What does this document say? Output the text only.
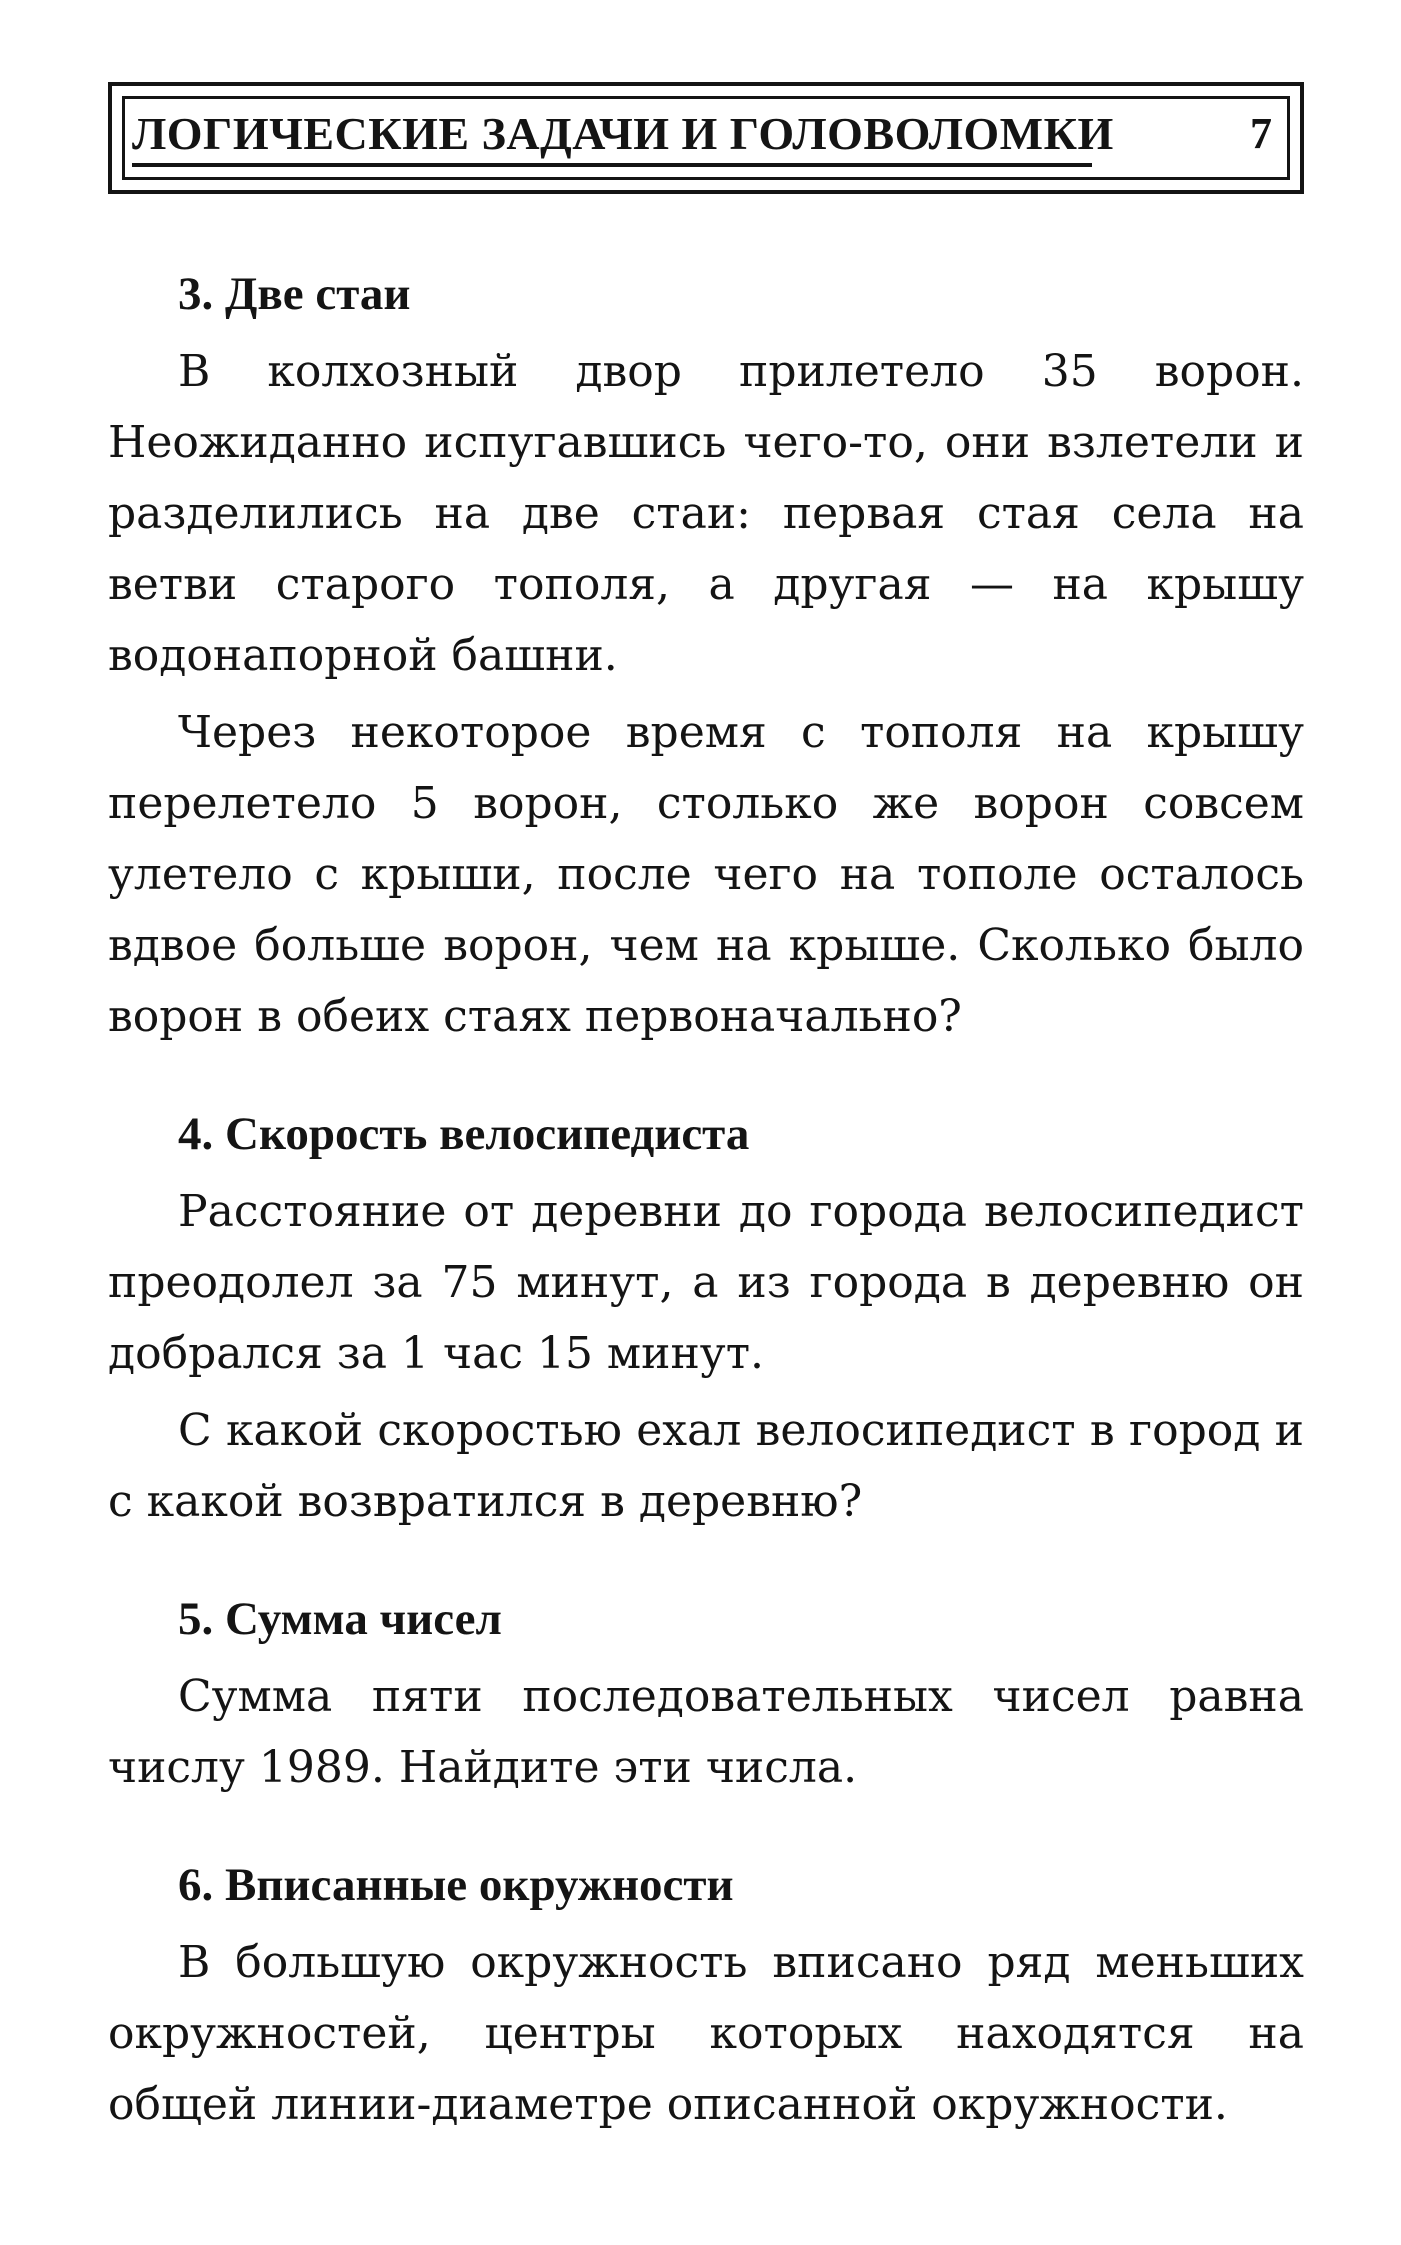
ЛОГИЧЕСКИЕ ЗАДАЧИ И ГОЛОВОЛОМКИ	7
3. Две стаи

В колхозный двор прилетело 35 ворон. Неожиданно испугавшись чего-то, они взлетели и разделились на две стаи: первая стая села на ветви старого тополя, а другая — на крышу водонапорной башни.

Через некоторое время с тополя на крышу перелетело 5 ворон, столько же ворон совсем улетело с крыши, после чего на тополе осталось вдвое больше ворон, чем на крыше. Сколько было ворон в обеих стаях первоначально?

4. Скорость велосипедиста

Расстояние от деревни до города велосипедист преодолел за 75 минут, а из города в деревню он добрался за 1 час 15 минут.

С какой скоростью ехал велосипедист в город и с какой возвратился в деревню?

5. Сумма чисел

Сумма пяти последовательных чисел равна числу 1989. Найдите эти числа.

6. Вписанные окружности

В большую окружность вписано ряд меньших окружностей, центры которых находятся на общей линии-диаметре описанной окружности.
